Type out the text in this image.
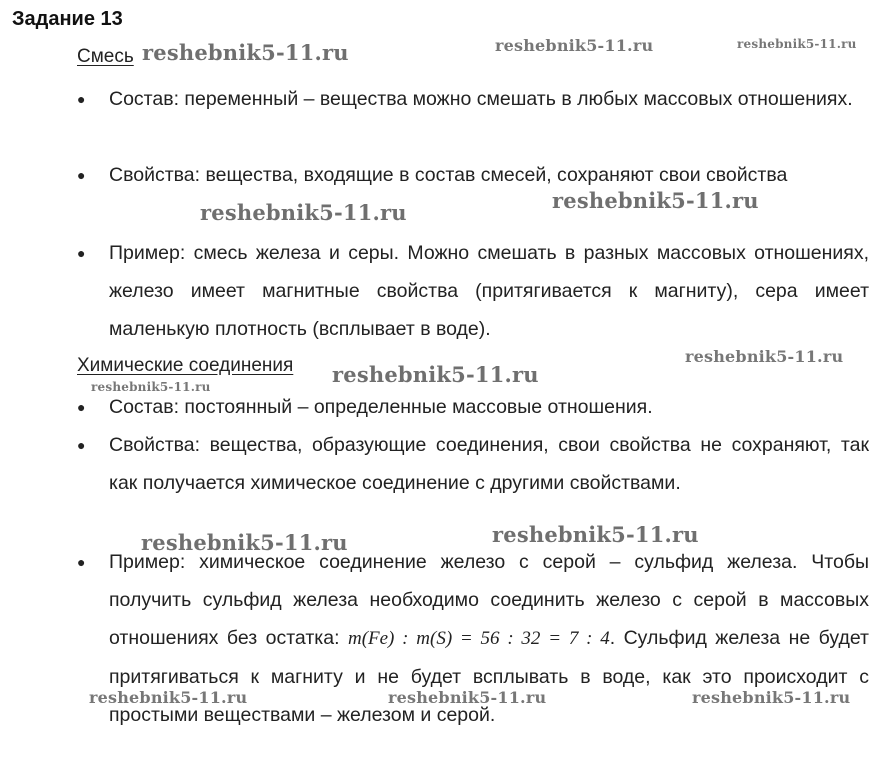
Задание 13
Смесь
●	Состав: переменный – вещества можно смешать в любых массовых отношениях.
●	Свойства: вещества, входящие в состав смесей, сохраняют свои свойства
●	Пример: смесь железа и серы. Можно смешать в разных массовых отношениях, железо имеет магнитные свойства (притягивается к магниту), сера имеет маленькую плотность (всплывает в воде).
Химические соединения
●	Состав: постоянный – определенные массовые отношения.
●	Свойства: вещества, образующие соединения, свои свойства не сохраняют, так как получается химическое соединение с другими свойствами.
●	Пример: химическое соединение железо с серой – сульфид железа. Чтобы получить сульфид железа необходимо соединить железо с серой в массовых отношениях без остатка: m(Fe) : m(S) = 56 : 32 = 7 : 4. Сульфид железа не будет притягиваться к магниту и не будет всплывать в воде, как это происходит с простыми веществами – железом и серой.
reshebnik5-11.ru	reshebnik5-11.ru	reshebnik5-11.ru
reshebnik5-11.ru	reshebnik5-11.ru
reshebnik5-11.ru
reshebnik5-11.ru
reshebnik5-11.ru
reshebnik5-11.ru
reshebnik5-11.ru
reshebnik5-11.ru	reshebnik5-11.ru	reshebnik5-11.ru
